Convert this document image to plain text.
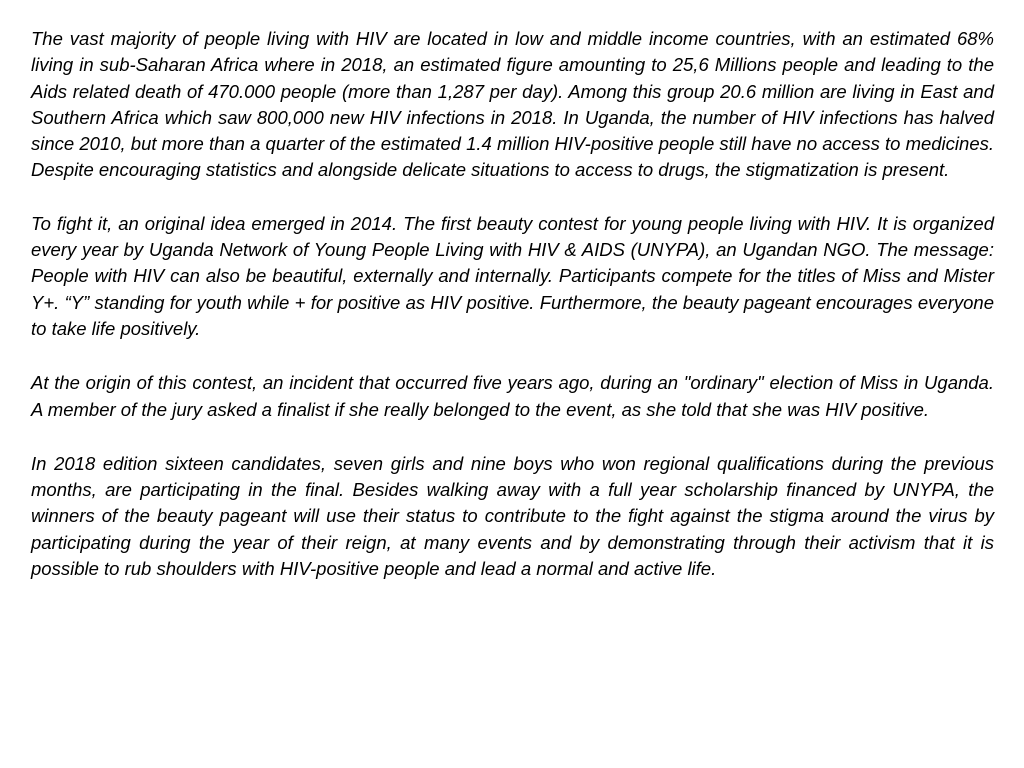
The vast majority of people living with HIV are located in low and middle income countries, with an estimated 68% living in sub-Saharan Africa where in 2018, an estimated figure amounting to 25,6 Millions people and leading to the Aids related death of 470.000 people (more than 1,287 per day). Among this group 20.6 million are living in East and Southern Africa which saw 800,000 new HIV infections in 2018. In Uganda, the number of HIV infections has halved since 2010, but more than a quarter of the estimated 1.4 million HIV-positive people still have no access to medicines. Despite encouraging statistics and alongside delicate situations to access to drugs, the stigmatization is present.

To fight it, an original idea emerged in 2014. The first beauty contest for young people living with HIV. It is organized every year by Uganda Network of Young People Living with HIV & AIDS (UNYPA), an Ugandan NGO. The message: People with HIV can also be beautiful, externally and internally. Participants compete for the titles of Miss and Mister Y+. “Y” standing for youth while + for positive as HIV positive. Furthermore, the beauty pageant encourages everyone to take life positively.

At the origin of this contest, an incident that occurred five years ago, during an "ordinary" election of Miss in Uganda. A member of the jury asked a finalist if she really belonged to the event, as she told that she was HIV positive.

In 2018 edition sixteen candidates, seven girls and nine boys who won regional qualifications during the previous months, are participating in the final. Besides walking away with a full year scholarship financed by UNYPA, the winners of the beauty pageant will use their status to contribute to the fight against the stigma around the virus by participating during the year of their reign, at many events and by demonstrating through their activism that it is possible to rub shoulders with HIV-positive people and lead a normal and active life.
